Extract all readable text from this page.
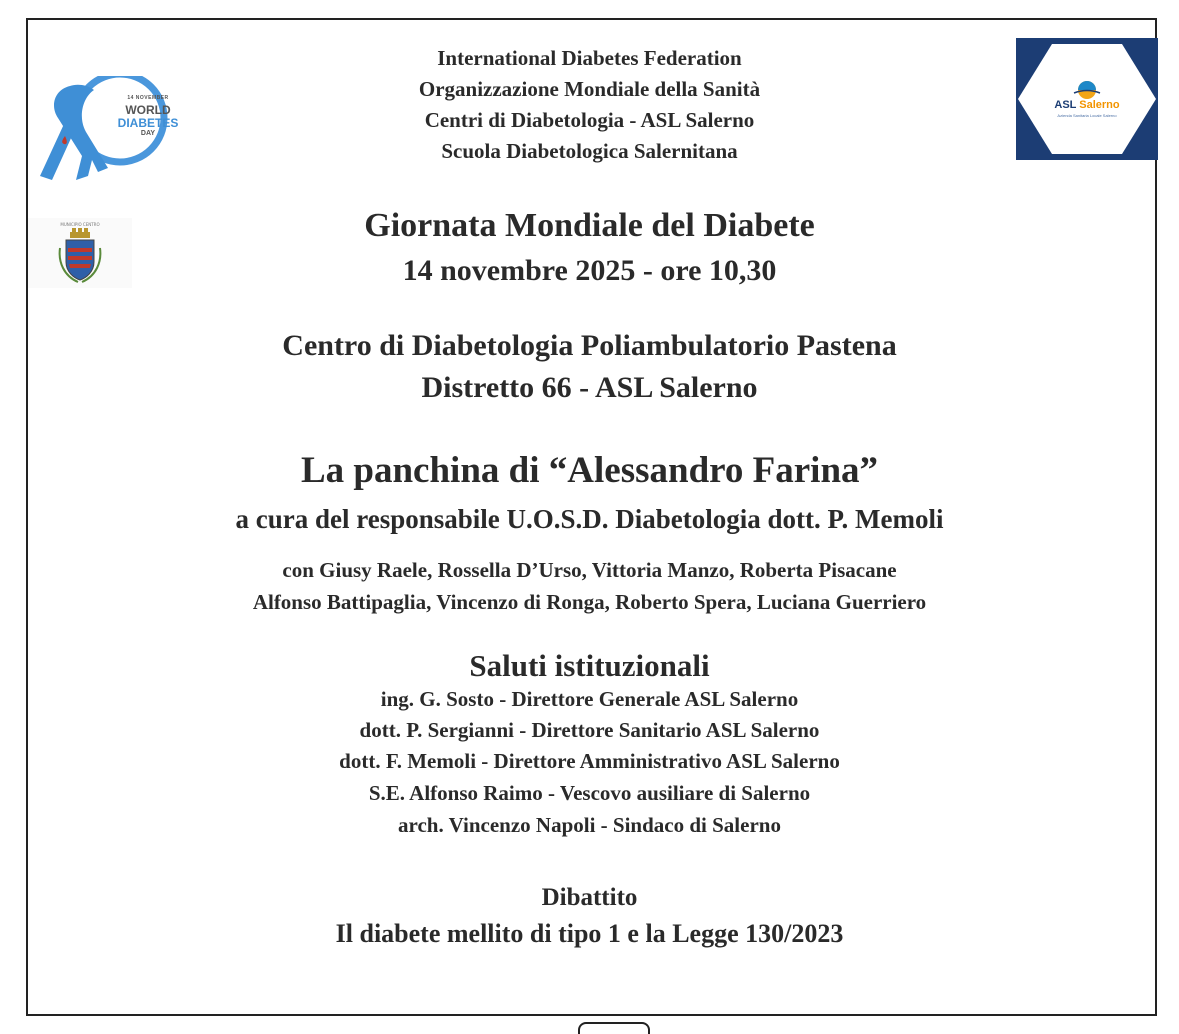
14 NOVEMBER
WORLD
DIABETES
DAY
MUNICIPIO CENTRO
ASL Salerno
Azienda Sanitaria Locale Salerno
International Diabetes Federation
Organizzazione Mondiale della Sanità
Centri di Diabetologia - ASL Salerno
Scuola Diabetologica Salernitana
Giornata Mondiale del Diabete
14 novembre 2025 - ore 10,30
Centro di Diabetologia Poliambulatorio Pastena
Distretto 66 - ASL Salerno
La panchina di “Alessandro Farina”
a cura del responsabile U.O.S.D. Diabetologia dott. P. Memoli
con Giusy Raele, Rossella D’Urso, Vittoria Manzo, Roberta Pisacane
Alfonso Battipaglia, Vincenzo di Ronga, Roberto Spera, Luciana Guerriero
Saluti istituzionali
ing. G. Sosto - Direttore Generale ASL Salerno
dott. P. Sergianni - Direttore Sanitario ASL Salerno
dott. F. Memoli - Direttore Amministrativo ASL Salerno
S.E. Alfonso Raimo - Vescovo ausiliare di Salerno
arch. Vincenzo Napoli - Sindaco di Salerno
Dibattito
Il diabete mellito di tipo 1 e la Legge 130/2023
